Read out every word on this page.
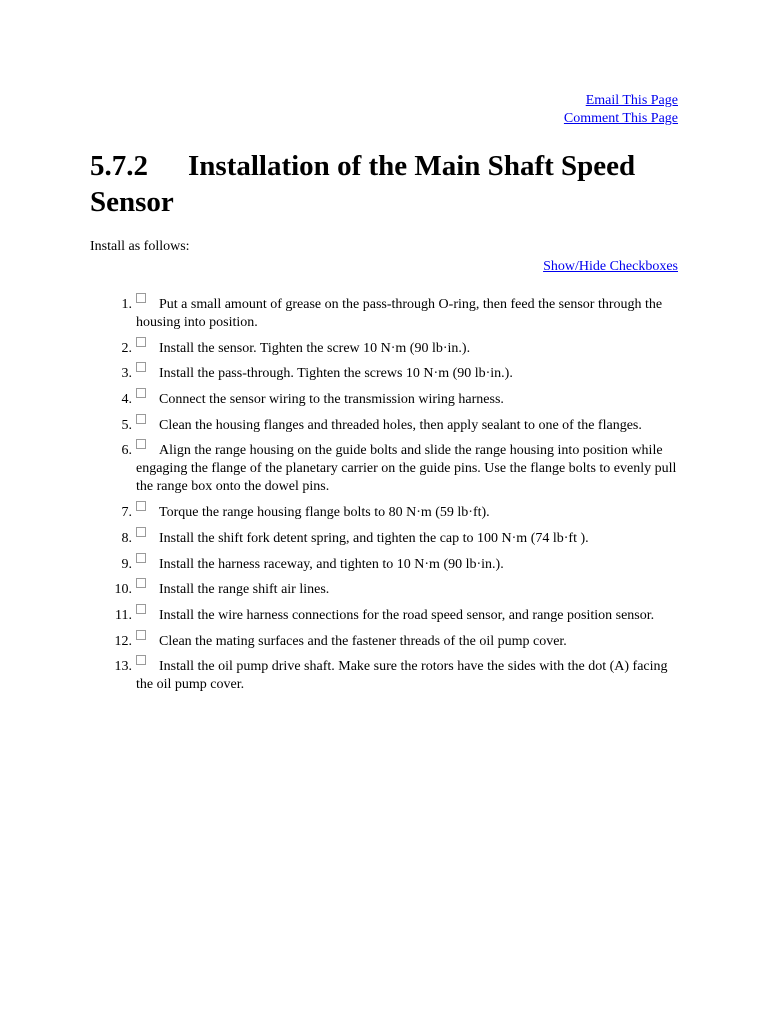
Email This Page
Comment This Page
5.7.2 Installation of the Main Shaft Speed Sensor
Install as follows:
Show/Hide Checkboxes
1. Put a small amount of grease on the pass-through O-ring, then feed the sensor through the housing into position.
2. Install the sensor. Tighten the screw 10 N·m (90 lb·in.).
3. Install the pass-through. Tighten the screws 10 N·m (90 lb·in.).
4. Connect the sensor wiring to the transmission wiring harness.
5. Clean the housing flanges and threaded holes, then apply sealant to one of the flanges.
6. Align the range housing on the guide bolts and slide the range housing into position while engaging the flange of the planetary carrier on the guide pins. Use the flange bolts to evenly pull the range box onto the dowel pins.
7. Torque the range housing flange bolts to 80 N·m (59 lb·ft).
8. Install the shift fork detent spring, and tighten the cap to 100 N·m (74 lb·ft ).
9. Install the harness raceway, and tighten to 10 N·m (90 lb·in.).
10. Install the range shift air lines.
11. Install the wire harness connections for the road speed sensor, and range position sensor.
12. Clean the mating surfaces and the fastener threads of the oil pump cover.
13. Install the oil pump drive shaft. Make sure the rotors have the sides with the dot (A) facing the oil pump cover.
